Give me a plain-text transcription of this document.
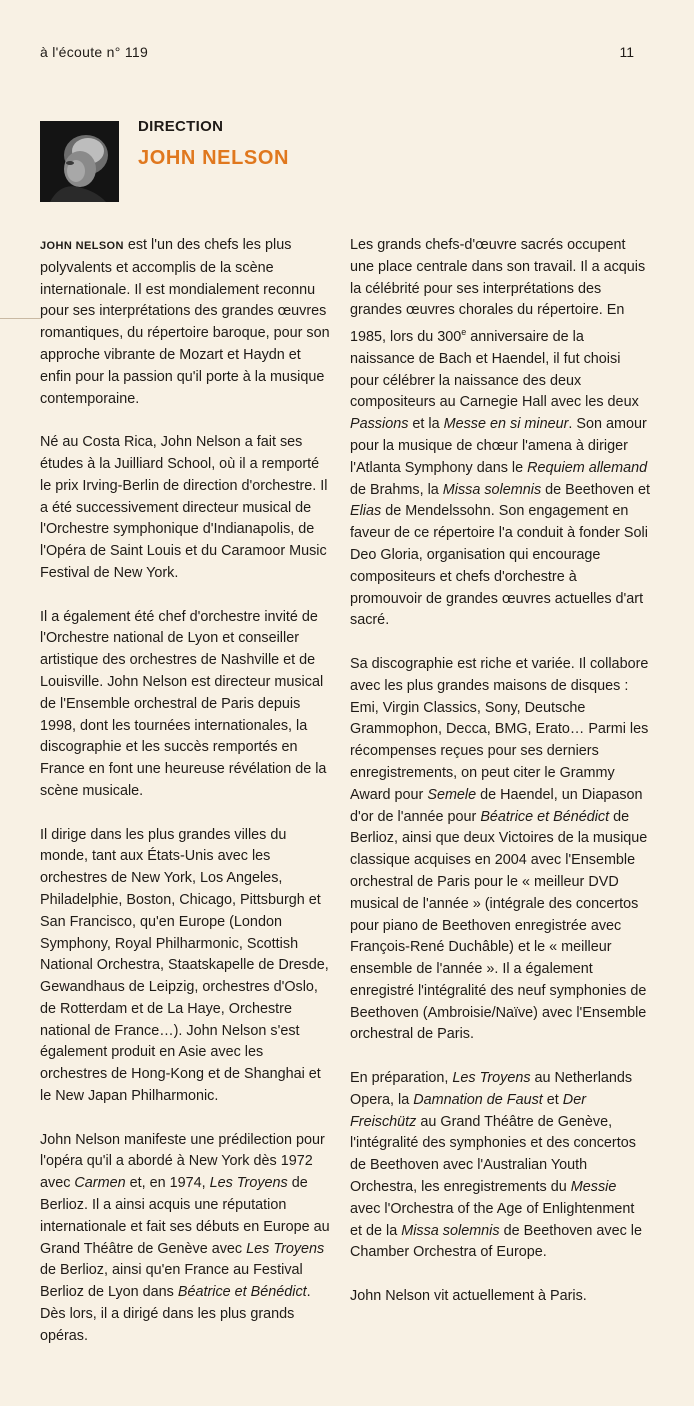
à l'écoute n° 119	11
DIRECTION
JOHN NELSON

JOHN NELSON est l'un des chefs les plus polyvalents et accomplis de la scène internationale. Il est mondialement reconnu pour ses interprétations des grandes œuvres romantiques, du répertoire baroque, pour son approche vibrante de Mozart et Haydn et enfin pour la passion qu'il porte à la musique contemporaine.

Né au Costa Rica, John Nelson a fait ses études à la Juilliard School, où il a remporté le prix Irving-Berlin de direction d'orchestre. Il a été successivement directeur musical de l'Orchestre symphonique d'Indianapolis, de l'Opéra de Saint Louis et du Caramoor Music Festival de New York.

Il a également été chef d'orchestre invité de l'Orchestre national de Lyon et conseiller artistique des orchestres de Nashville et de Louisville. John Nelson est directeur musical de l'Ensemble orchestral de Paris depuis 1998, dont les tournées internationales, la discographie et les succès remportés en France en font une heureuse révélation de la scène musicale.

Il dirige dans les plus grandes villes du monde, tant aux États-Unis avec les orchestres de New York, Los Angeles, Philadelphie, Boston, Chicago, Pittsburgh et San Francisco, qu'en Europe (London Symphony, Royal Philharmonic, Scottish National Orchestra, Staatskapelle de Dresde, Gewandhaus de Leipzig, orchestres d'Oslo, de Rotterdam et de La Haye, Orchestre national de France…). John Nelson s'est également produit en Asie avec les orchestres de Hong-Kong et de Shanghai et le New Japan Philharmonic.

John Nelson manifeste une prédilection pour l'opéra qu'il a abordé à New York dès 1972 avec Carmen et, en 1974, Les Troyens de Berlioz. Il a ainsi acquis une réputation internationale et fait ses débuts en Europe au Grand Théâtre de Genève avec Les Troyens de Berlioz, ainsi qu'en France au Festival Berlioz de Lyon dans Béatrice et Bénédict. Dès lors, il a dirigé dans les plus grands opéras.

Les grands chefs-d'œuvre sacrés occupent une place centrale dans son travail. Il a acquis la célébrité pour ses interprétations des grandes œuvres chorales du répertoire. En 1985, lors du 300e anniversaire de la naissance de Bach et Haendel, il fut choisi pour célébrer la naissance des deux compositeurs au Carnegie Hall avec les deux Passions et la Messe en si mineur. Son amour pour la musique de chœur l'amena à diriger l'Atlanta Symphony dans le Requiem allemand de Brahms, la Missa solemnis de Beethoven et Elias de Mendelssohn. Son engagement en faveur de ce répertoire l'a conduit à fonder Soli Deo Gloria, organisation qui encourage compositeurs et chefs d'orchestre à promouvoir de grandes œuvres actuelles d'art sacré.

Sa discographie est riche et variée. Il collabore avec les plus grandes maisons de disques : Emi, Virgin Classics, Sony, Deutsche Grammophon, Decca, BMG, Erato… Parmi les récompenses reçues pour ses derniers enregistrements, on peut citer le Grammy Award pour Semele de Haendel, un Diapason d'or de l'année pour Béatrice et Bénédict de Berlioz, ainsi que deux Victoires de la musique classique acquises en 2004 avec l'Ensemble orchestral de Paris pour le « meilleur DVD musical de l'année » (intégrale des concertos pour piano de Beethoven enregistrée avec François-René Duchâble) et le « meilleur ensemble de l'année ». Il a également enregistré l'intégralité des neuf symphonies de Beethoven (Ambroisie/Naïve) avec l'Ensemble orchestral de Paris.

En préparation, Les Troyens au Netherlands Opera, la Damnation de Faust et Der Freischütz au Grand Théâtre de Genève, l'intégralité des symphonies et des concertos de Beethoven avec l'Australian Youth Orchestra, les enregistrements du Messie avec l'Orchestra of the Age of Enlightenment et de la Missa solemnis de Beethoven avec le Chamber Orchestra of Europe.

John Nelson vit actuellement à Paris.
